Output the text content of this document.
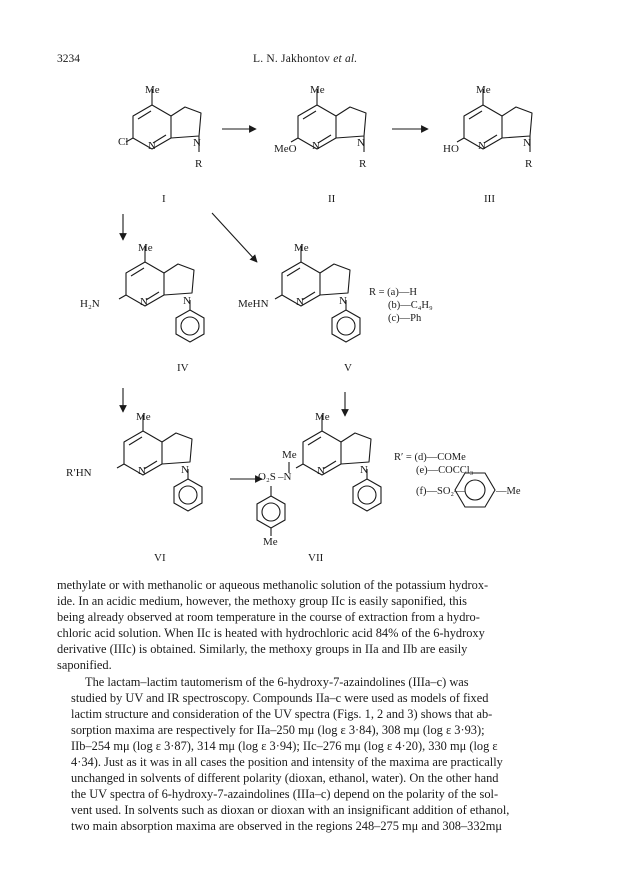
3234	L. N. Jakhontov et al.
Me
Cl N	N
R
I
Me
MeO N	N
R
II
Me
HO N	N
R
III
Me
H₂N	N	N
IV
Me
MeHN N	N
V
R = (a)—H
(b)—C₄H₉
(c)—Ph
Me
R′HN	N	N
VI
Me
Me
O₂S –N N	N
Me
VII
R′ = (d)—COMe
(e)—COCCl₃
(f)—SO₂—	—Me

methylate or with methanolic or aqueous methanolic solution of the potassium hydrox-
ide. In an acidic medium, however, the methoxy group IIc is easily saponified, this
being already observed at room temperature in the course of extraction from a hydro-
chloric acid solution. When IIc is heated with hydrochloric acid 84% of the 6-hydroxy
derivative (IIIc) is obtained. Similarly, the methoxy groups in IIa and IIb are easily
saponified.

The lactam–lactim tautomerism of the 6-hydroxy-7-azaindolines (IIIa–c) was
studied by UV and IR spectroscopy. Compounds IIa–c were used as models of fixed
lactim structure and consideration of the UV spectra (Figs. 1, 2 and 3) shows that ab-
sorption maxima are respectively for IIa–250 mμ (log ε 3·84), 308 mμ (log ε 3·93);
IIb–254 mμ (log ε 3·87), 314 mμ (log ε 3·94); IIc–276 mμ (log ε 4·20), 330 mμ (log ε
4·34). Just as it was in all cases the position and intensity of the maxima are practically
unchanged in solvents of different polarity (dioxan, ethanol, water). On the other hand
the UV spectra of 6-hydroxy-7-azaindolines (IIIa–c) depend on the polarity of the sol-
vent used. In solvents such as dioxan or dioxan with an insignificant addition of ethanol,
two main absorption maxima are observed in the regions 248–275 mμ and 308–332mμ
